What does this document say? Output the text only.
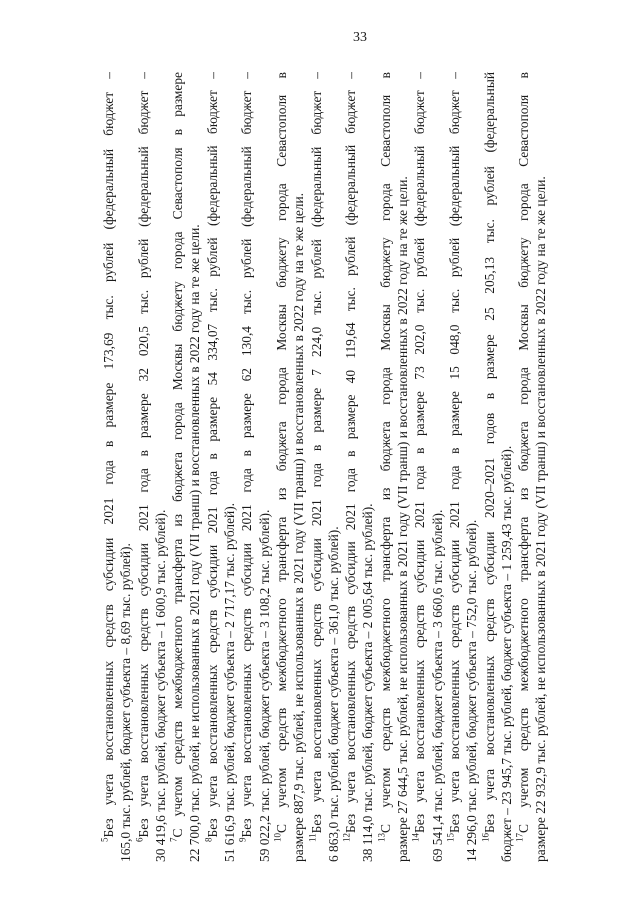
33
$^5$Без учета восстановленных средств субсидии 2021 года в размере 173,69 тыс. рублей (федеральный бюджет – 165,0 тыс. рублей, бюджет субъекта – 8,69 тыс. рублей). $^6$Без учета восстановленных средств субсидии 2021 года в размере 32 020,5 тыс. рублей (федеральный бюджет – 30 419,6 тыс. рублей, бюджет субъекта – 1 600,9 тыс. рублей). $^7$С учетом средств межбюджетного трансферта из бюджета города Москвы бюджету города Севастополя в размере 22 700,0 тыс. рублей, не использованных в 2021 году (VII транш) и восстановленных в 2022 году на те же цели. $^8$Без учета восстановленных средств субсидии 2021 года в размере 54 334,07 тыс. рублей (федеральный бюджет – 51 616,9 тыс. рублей, бюджет субъекта – 2 717,17 тыс. рублей). $^9$Без учета восстановленных средств субсидии 2021 года в размере 62 130,4 тыс. рублей (федеральный бюджет – 59 022,2 тыс. рублей, бюджет субъекта – 3 108,2 тыс. рублей). $^{10}$С учетом средств межбюджетного трансферта из бюджета города Москвы бюджету города Севастополя в размере 887,9 тыс. рублей, не использованных в 2021 году (VII транш) и восстановленных в 2022 году на те же цели. $^{11}$Без учета восстановленных средств субсидии 2021 года в размере 7 224,0 тыс. рублей (федеральный бюджет – 6 863,0 тыс. рублей, бюджет субъекта – 361,0 тыс. рублей). $^{12}$Без учета восстановленных средств субсидии 2021 года в размере 40 119,64 тыс. рублей (федеральный бюджет – 38 114,0 тыс. рублей, бюджет субъекта – 2 005,64 тыс. рублей). $^{13}$С учетом средств межбюджетного трансферта из бюджета города Москвы бюджету города Севастополя в размере 27 644,5 тыс. рублей, не использованных в 2021 году (VII транш) и восстановленных в 2022 году на те же цели. $^{14}$Без учета восстановленных средств субсидии 2021 года в размере 73 202,0 тыс. рублей (федеральный бюджет – 69 541,4 тыс. рублей, бюджет субъекта – 3 660,6 тыс. рублей). $^{15}$Без учета восстановленных средств субсидии 2021 года в размере 15 048,0 тыс. рублей (федеральный бюджет – 14 296,0 тыс. рублей, бюджет субъекта – 752,0 тыс. рублей). $^{16}$Без учета восстановленных средств субсидии 2020–2021 годов в размере 25 205,13 тыс. рублей (федеральный бюджет – 23 945,7 тыс. рублей, бюджет субъекта – 1 259,43 тыс. рублей). $^{17}$С учетом средств межбюджетного трансферта из бюджета города Москвы бюджету города Севастополя в размере 22 932,9 тыс. рублей, не использованных в 2021 году (VII транш) и восстановленных в 2022 году на те же цели.
